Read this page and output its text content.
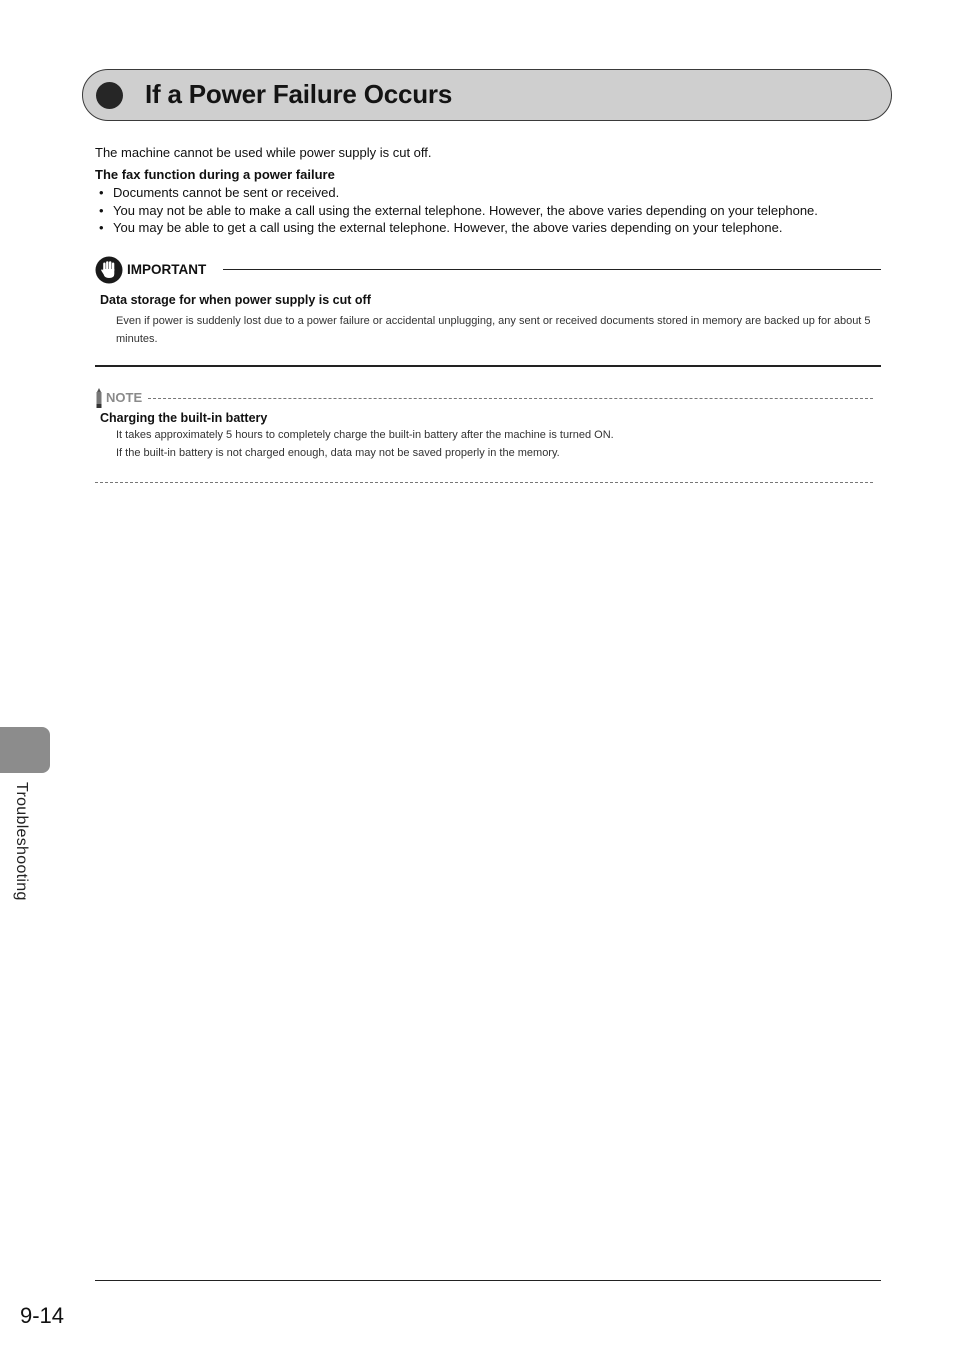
If a Power Failure Occurs
The machine cannot be used while power supply is cut off.
The fax function during a power failure
• Documents cannot be sent or received.
• You may not be able to make a call using the external telephone. However, the above varies depending on your telephone.
• You may be able to get a call using the external telephone. However, the above varies depending on your telephone.
IMPORTANT
Data storage for when power supply is cut off
Even if power is suddenly lost due to a power failure or accidental unplugging, any sent or received documents stored in memory are backed up for about 5 minutes.
NOTE
Charging the built-in battery
It takes approximately 5 hours to completely charge the built-in battery after the machine is turned ON.
If the built-in battery is not charged enough, data may not be saved properly in the memory.
Troubleshooting
9-14
